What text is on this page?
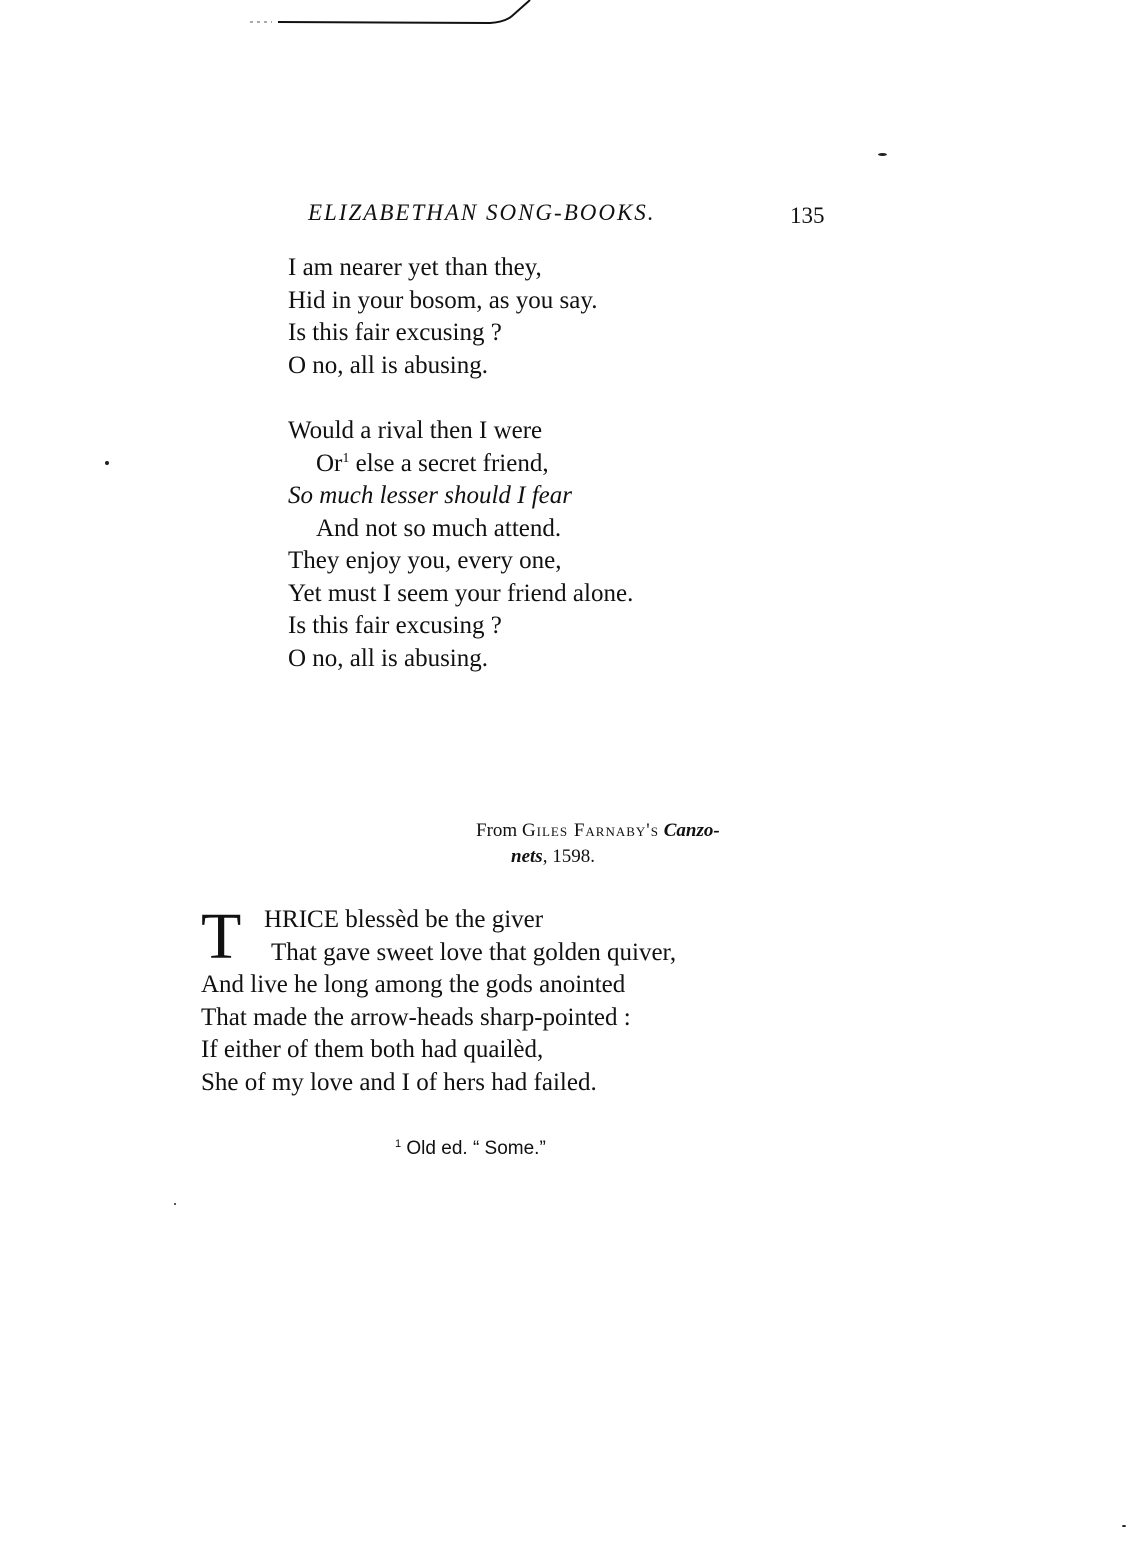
ELIZABETHAN SONG-BOOKS.	135
I am nearer yet than they,
Hid in your bosom, as you say.
Is this fair excusing ?
O no, all is abusing.
Would a rival then I were
Or$^1$ else a secret friend,
So much lesser should I fear
And not so much attend.
They enjoy you, every one,
Yet must I seem your friend alone.
Is this fair excusing ?
O no, all is abusing.
From Giles Farnaby's Canzo-
nets, 1598.
T HRICE blessèd be the giver
That gave sweet love that golden quiver,
And live he long among the gods anointed
That made the arrow-heads sharp-pointed :
If either of them both had quailèd,
She of my love and I of hers had failed.
$^1$ Old ed. “ Some.”
